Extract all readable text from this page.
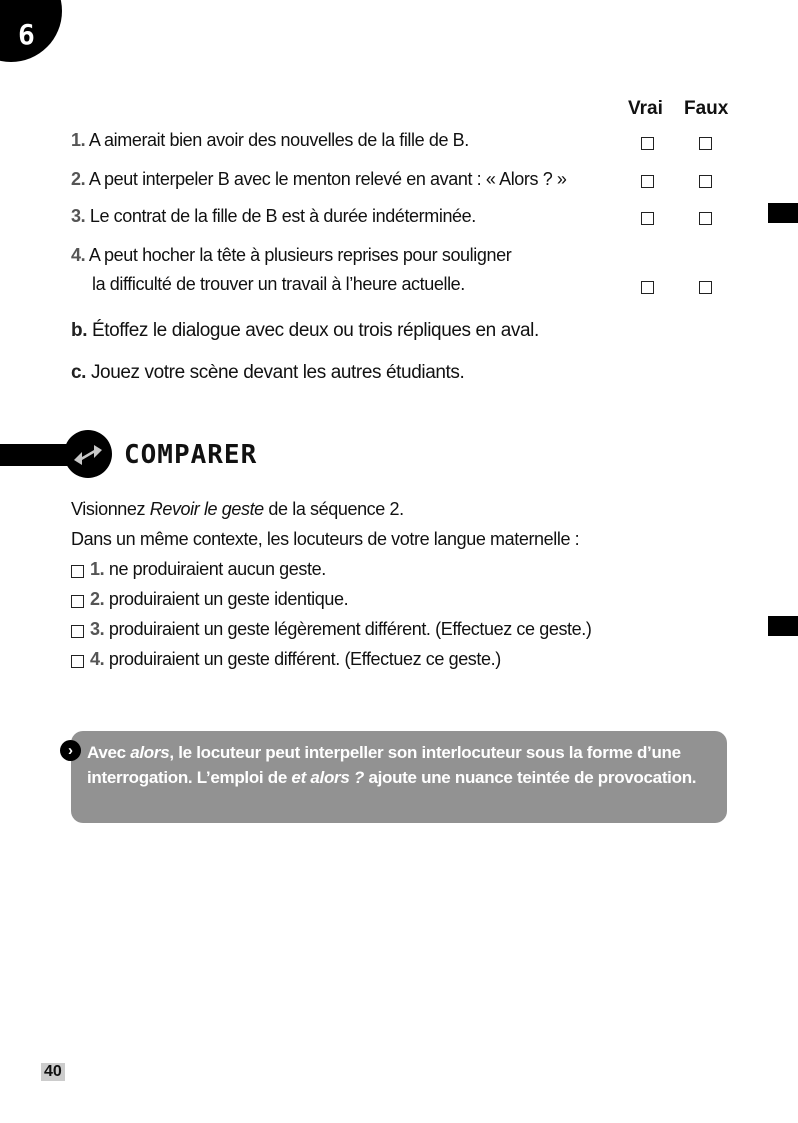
6
Vrai Faux
1. A aimerait bien avoir des nouvelles de la fille de B.
2. A peut interpeler B avec le menton relevé en avant : « Alors ? »
3. Le contrat de la fille de B est à durée indéterminée.
4. A peut hocher la tête à plusieurs reprises pour souligner
la difficulté de trouver un travail à l’heure actuelle.
b. Étoffez le dialogue avec deux ou trois répliques en aval.
c. Jouez votre scène devant les autres étudiants.
COMPARER
Visionnez Revoir le geste de la séquence 2.
Dans un même contexte, les locuteurs de votre langue maternelle :
1. ne produiraient aucun geste.
2. produiraient un geste identique.
3. produiraient un geste légèrement différent. (Effectuez ce geste.)
4. produiraient un geste différent. (Effectuez ce geste.)

Avec alors, le locuteur peut interpeller son interlocuteur sous la forme d’une interrogation. L’emploi de et alors ? ajoute une nuance teintée de provocation.

›
40
